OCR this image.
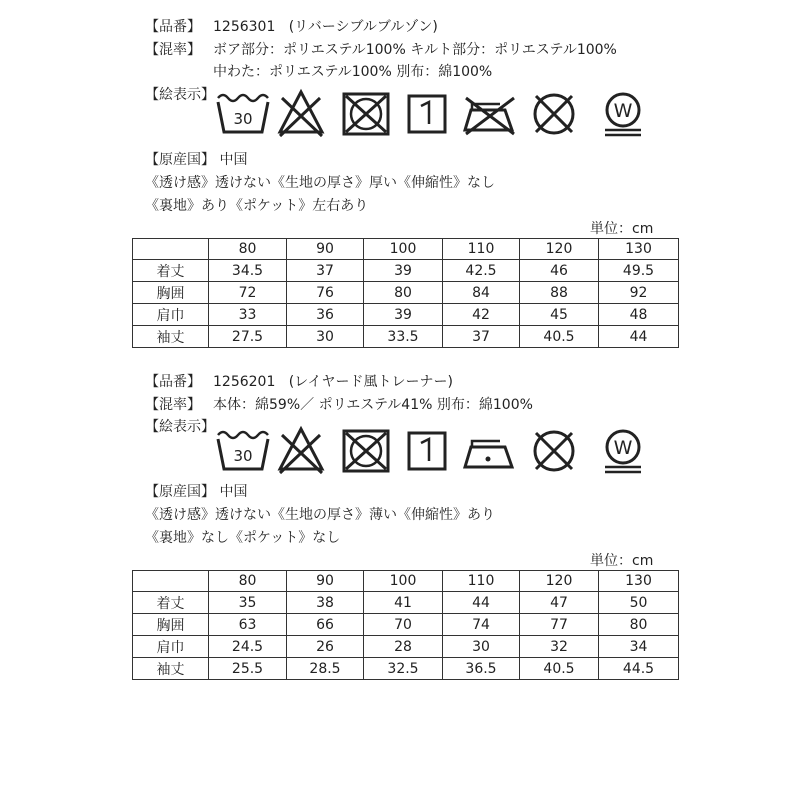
【品番】 1256301 (リバーシブルブルゾン)
【混率】 ボア部分：ポリエステル100% キルト部分：ポリエステル100%
中わた：ポリエステル100% 別布：綿100%
【絵表示】
30	W
【原産国】 中国
《透け感》透けない《生地の厚さ》厚い《伸縮性》なし
《裏地》あり《ポケット》左右あり
単位：cm
	80	90	100	110	120	130
着丈	34.5	37	39	42.5	46	49.5
胸囲	72	76	80	84	88	92
肩巾	33	36	39	42	45	48
袖丈	27.5	30	33.5	37	40.5	44
【品番】 1256201 (レイヤード風トレーナー)
【混率】 本体：綿59%／ ポリエステル41% 別布：綿100%
【絵表示】
30	W
【原産国】 中国
《透け感》透けない《生地の厚さ》薄い《伸縮性》あり
《裏地》なし《ポケット》なし
単位：cm
	80	90	100	110	120	130
着丈	35	38	41	44	47	50
胸囲	63	66	70	74	77	80
肩巾	24.5	26	28	30	32	34
袖丈	25.5	28.5	32.5	36.5	40.5	44.5
